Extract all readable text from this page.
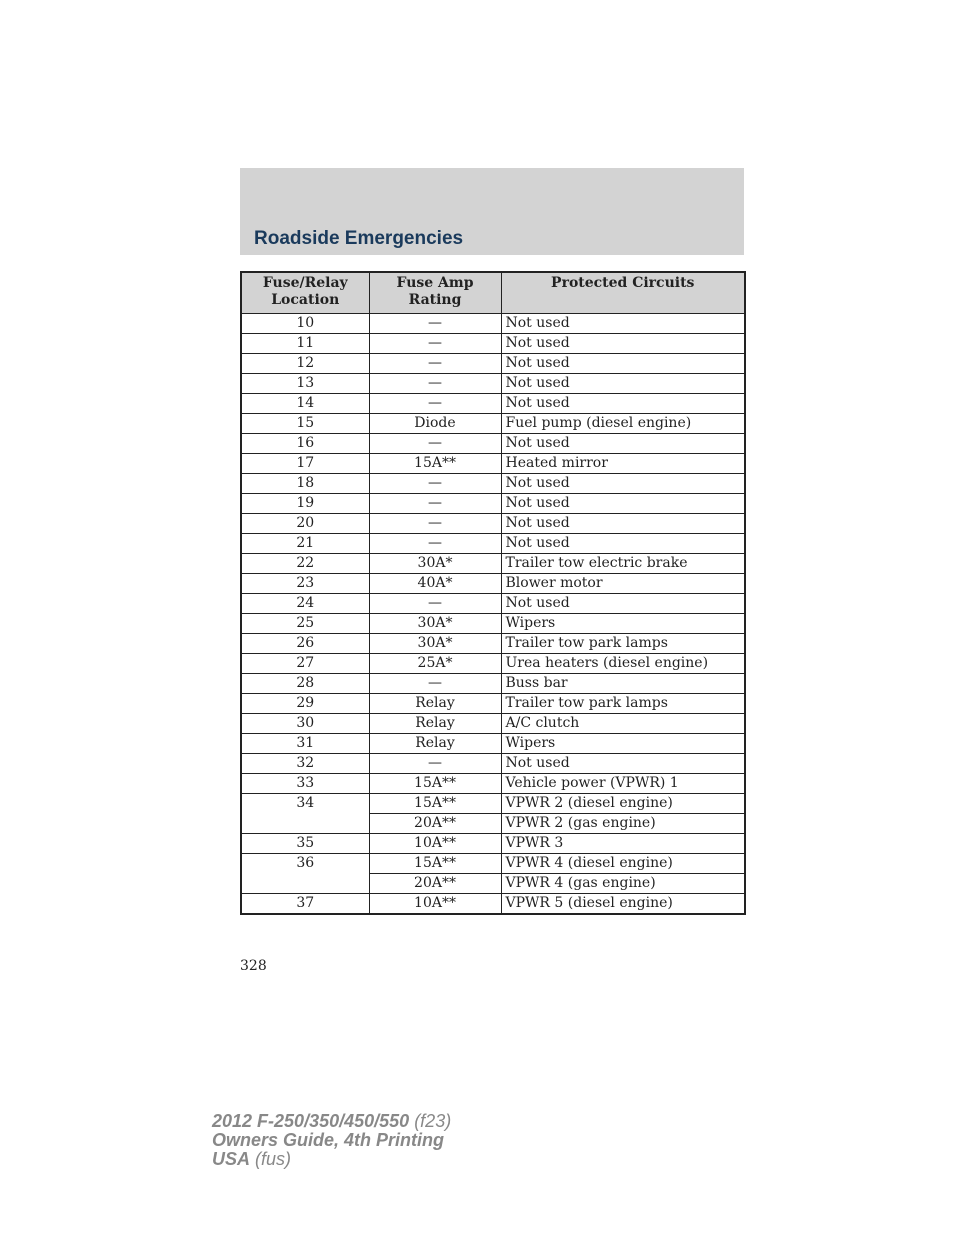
Roadside Emergencies
Fuse/Relay Location	Fuse Amp Rating	Protected Circuits
10	—	Not used
11	—	Not used
12	—	Not used
13	—	Not used
14	—	Not used
15	Diode	Fuel pump (diesel engine)
16	—	Not used
17	15A**	Heated mirror
18	—	Not used
19	—	Not used
20	—	Not used
21	—	Not used
22	30A*	Trailer tow electric brake
23	40A*	Blower motor
24	—	Not used
25	30A*	Wipers
26	30A*	Trailer tow park lamps
27	25A*	Urea heaters (diesel engine)
28	—	Buss bar
29	Relay	Trailer tow park lamps
30	Relay	A/C clutch
31	Relay	Wipers
32	—	Not used
33	15A**	Vehicle power (VPWR) 1
34	15A**	VPWR 2 (diesel engine)
	20A**	VPWR 2 (gas engine)
35	10A**	VPWR 3
36	15A**	VPWR 4 (diesel engine)
	20A**	VPWR 4 (gas engine)
37	10A**	VPWR 5 (diesel engine)
328
2012 F-250/350/450/550 (f23)
Owners Guide, 4th Printing
USA (fus)
